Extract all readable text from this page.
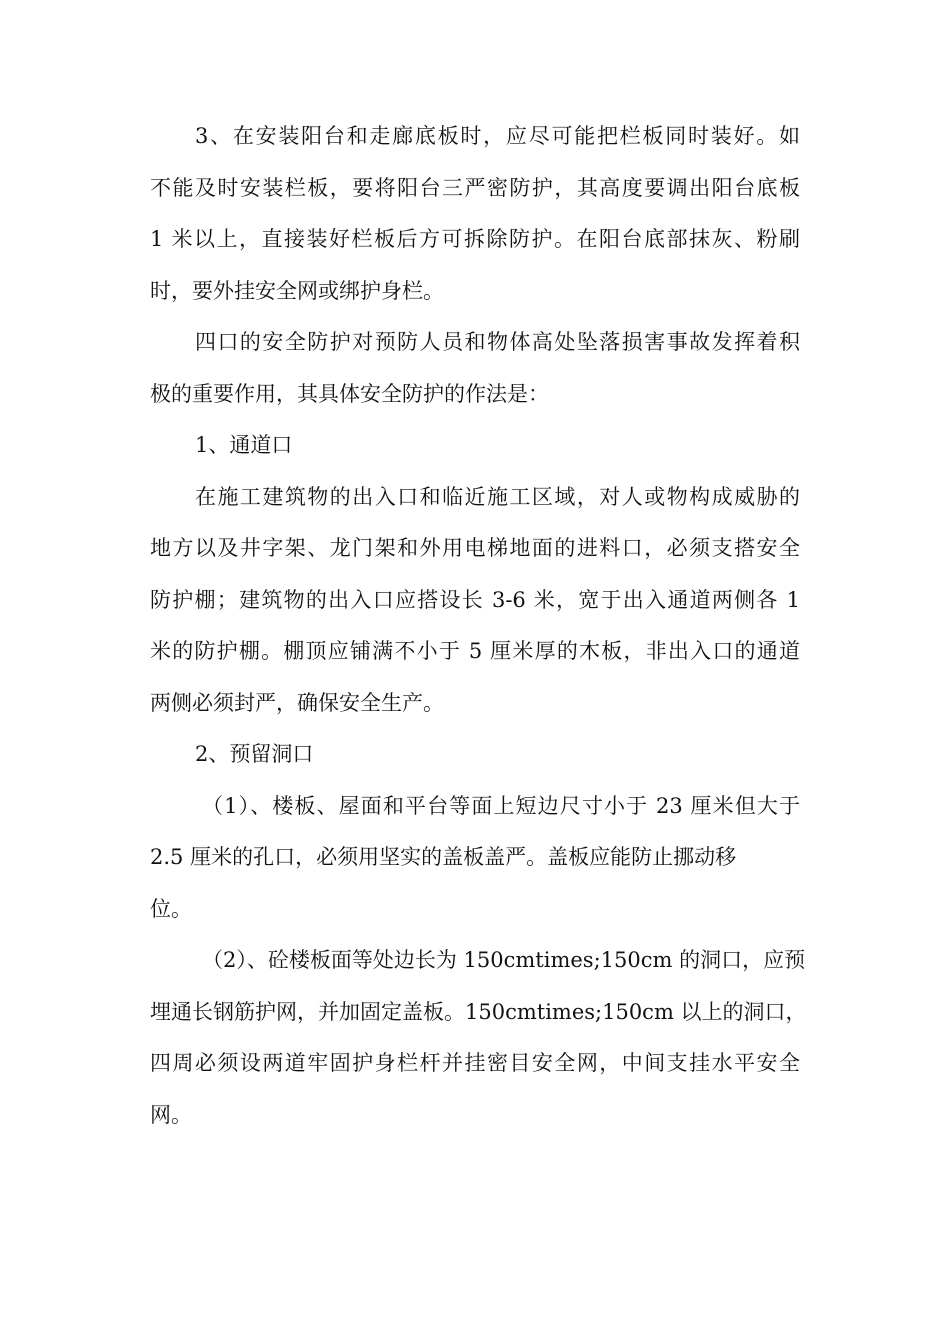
3、在安装阳台和走廊底板时，应尽可能把栏板同时装好。如
不能及时安装栏板，要将阳台三严密防护，其高度要调出阳台底板
1 米以上，直接装好栏板后方可拆除防护。在阳台底部抹灰、粉刷
时，要外挂安全网或绑护身栏。
四口的安全防护对预防人员和物体高处坠落损害事故发挥着积
极的重要作用，其具体安全防护的作法是：
1、通道口
在施工建筑物的出入口和临近施工区域，对人或物构成威胁的
地方以及井字架、龙门架和外用电梯地面的进料口，必须支搭安全
防护棚；建筑物的出入口应搭设长 3-6 米，宽于出入通道两侧各 1
米的防护棚。棚顶应铺满不小于 5 厘米厚的木板，非出入口的通道
两侧必须封严，确保安全生产。
2、预留洞口
（1）、楼板、屋面和平台等面上短边尺寸小于 23 厘米但大于
2.5 厘米的孔口，必须用坚实的盖板盖严。盖板应能防止挪动移
位。
（2）、砼楼板面等处边长为 150cmtimes;150cm 的洞口，应预
埋通长钢筋护网，并加固定盖板。150cmtimes;150cm 以上的洞口，
四周必须设两道牢固护身栏杆并挂密目安全网，中间支挂水平安全
网。
